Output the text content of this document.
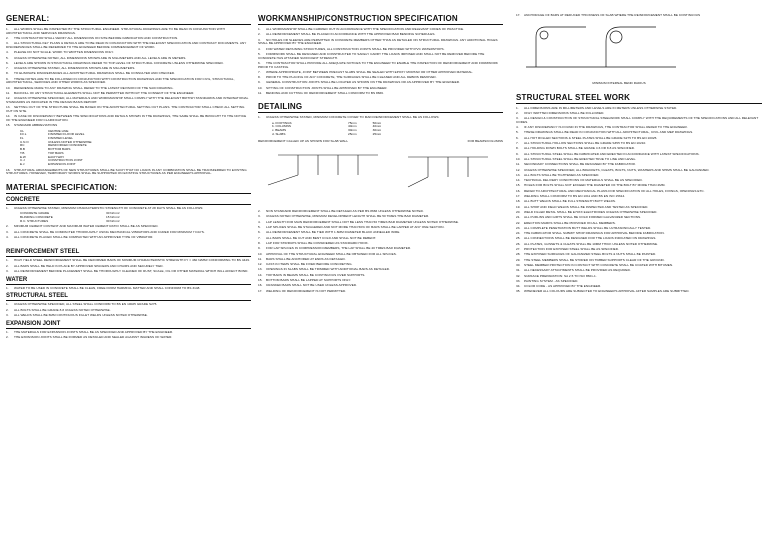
GENERAL:
1. ALL WORKS SHALL BE INSPECTED BY THE STRUCTURAL ENGINEER. STRUCTURAL DRAWINGS ARE TO BE READ IN CONJUNCTION WITH ARCHITECTURAL AND SERVICES DRAWINGS.
2. THE CONTRACTOR SHALL VERIFY ALL DIMENSIONS ON SITE BEFORE FABRICATION AND CONSTRUCTION.
3. ALL STRUCTURAL KEY PLANS & DETAILS ARE TO BE READ IN CONJUNCTION WITH THE RELEVANT SPECIFICATION AND CONTRACT DOCUMENTS. ANY DISCREPANCIES SHALL BE REFERRED TO THE ENGINEER BEFORE COMMENCEMENT OF WORK.
4. PLEASE DO NOT SCALE. WORK TO WRITTEN DIMENSIONS ONLY.
5. UNLESS OTHERWISE NOTED, ALL DIMENSIONS SHOWN ARE IN MILLIMETERS AND ALL LEVELS ARE IN METERS.
6. LEVELS ARE SHOWN IN STRUCTURAL DRAWINGS REFER TO TOP LEVEL OF STRUCTURAL CONCRETE UNLESS OTHERWISE SPECIFIED.
7. UNLESS OTHERWISE STATED, ALL DIMENSIONS SHOWN ARE IN MILLIMETERS.
8. TO ELIMINATE DISCREPANCIES ALL ARCHITECTURAL DRAWINGS SHALL BE CONSULTED AND CHECKED.
9. THESE NOTES ARE TO BE FOLLOWED IN CONJUNCTION WITH CONSTRUCTION DRAWINGS AND THE SPECIFICATION FOR CIVIL, STRUCTURAL, ARCHITECTURAL, SERVICES AND OTHER WORKS AS SPECIFIED.
10. REFERENCE MADE TO ANY DRAWING SHALL REFER TO THE LATEST REVISION OF THE SAID DRAWING.
11. BACKFILL OF ANY STRUCTURAL ELEMENTS SHALL NOT BE PERMITTED WITHOUT THE CONSENT OF THE ENGINEER.
12. UNLESS OTHERWISE SPECIFIED, ALL MATERIALS AND WORKMANSHIP SHALL COMPLY WITH THE RELEVANT BRITISH STANDARDS AND INTERNATIONAL STANDARDS AS INDICATED IN THE DESIGN BASIS REPORT.
13. SETTING OUT OF THE STRUCTURE SHALL BE BASED ON THE ARCHITECTURAL SETTING OUT PLANS. THE CONTRACTOR SHALL CHECK ALL SETTING OUT ON SITE.
14. IN CASE OF DISCREPANCY BETWEEN THE SPECIFICATIONS AND DETAILS SHOWN IN THE DRAWINGS, THE SAME SHALL BE BROUGHT TO THE NOTICE OF THE ENGINEER FOR CLARIFICATION.
15. STANDARD ABBREVIATIONS
CL	CENTRE LINE
F.F.L	FINISHED FLOOR LEVEL
FL	FINISHED LEVEL
U.N.O	UNLESS NOTED OTHERWISE
RC	REINFORCED CONCRETE
B.B	BOTTOM BARS
T.B	TOP BARS
E.W	EACH WAY
C.J	CONSTRUCTION JOINT
E.J	EXPANSION JOINT
16. STRUCTURAL ARRANGEMENTS OF NEW STRUCTURES SHALL BE SUCH THAT NO LOADS IN ANY COMBINATION SHALL BE TRANSFERRED TO EXISTING STRUCTURES. HOWEVER, TEMPORARY WORKS SHALL BE SUPPORTED ON EXISTING STRUCTURES AS PER ENGINEER'S APPROVAL.
MATERIAL SPECIFICATION:
CONCRETE
1. UNLESS OTHERWISE STATED, MINIMUM CHARACTERISTIC STRENGTH OF CONCRETE AT 28 DAYS SHALL BE AS FOLLOWS:
CONCRETE GRADE	30 N/mm²
BLINDING CONCRETE	15 N/mm²
R.C. STRUCTURES	30 N/mm²
2. MINIMUM CEMENT CONTENT AND MAXIMUM WATER CEMENT RATIO SHALL BE AS SPECIFIED.
3. ALL CONCRETE SHALL BE COMPACTED THOROUGHLY USING MECHANICAL VIBRATORS AND CURED FOR MINIMUM 7 DAYS.
4. ALL CONCRETE PLACED SHALL BE COMPACTED WITH AN APPROVED TYPE OF VIBRATOR.
REINFORCEMENT STEEL
1. HIGH YIELD STEEL REINFORCEMENT SHALL BE DEFORMED BARS OF MINIMUM CHARACTERISTIC STRENGTH FY = 460 N/MM² CONFORMING TO BS 4449.
2. ALL BARS SHALL BE HELD IN PLACE BY APPROVED SPACERS AND CHAIRS AND SECURELY TIED.
3. ALL REINFORCEMENT BEFORE PLACEMENT SHALL BE THOROUGHLY CLEANED OF RUST, SCALE, OIL OR OTHER MATERIAL WHICH WILL AFFECT BOND.
WATER
1. WATER TO BE USED IN CONCRETE SHALL BE CLEAN, FREE FROM HARMFUL MATTER AND SHALL CONFORM TO BS 3148.
STRUCTURAL STEEL
1. UNLESS OTHERWISE SPECIFIED, ALL STEEL SHALL CONFORM TO BS EN 10025 GRADE S275.
2. ALL BOLTS SHALL BE GRADE 8.8 UNLESS NOTED OTHERWISE.
3. ALL WELDS SHALL BE 6MM CONTINUOUS FILLET WELDS UNLESS NOTED OTHERWISE.
EXPANSION JOINT
1. THE MATERIALS FOR EXPANSION JOINTS SHALL BE AS SPECIFIED AND APPROVED BY THE ENGINEER.
2. THE EXPANSION JOINTS SHALL BE FORMED AS DETAILED AND SEALED AGAINST INGRESS OF WATER.
WORKMANSHIP/CONSTRUCTION SPECIFICATION
1. ALL WORKMANSHIP SHALL BE CARRIED OUT IN ACCORDANCE WITH THE SPECIFICATION AND RELEVANT CODES OF PRACTICE.
2. ALL REINFORCEMENT SHALL BE PLACED IN ACCORDANCE WITH THE APPROVED BAR BENDING SCHEDULES.
3. NO HOLES OR SLEEVES ARE PERMITTED IN CONCRETE MEMBERS OTHER THAN AS DETAILED ON STRUCTURAL DRAWINGS. ANY ADDITIONAL HOLES SHALL BE APPROVED BY THE ENGINEER.
4. FOR WATER RETAINING STRUCTURES, ALL CONSTRUCTION JOINTS SHALL BE PROVIDED WITH PVC WATERSTOPS.
5. FORMWORK SHALL BE DESIGNED AND CONSTRUCTED TO SAFELY CARRY THE LOADS IMPOSED AND SHALL NOT BE REMOVED BEFORE THE CONCRETE HAS ATTAINED SUFFICIENT STRENGTH.
6. THE CONTRACTOR SHALL PROVIDE ALL ADEQUATE NOTICES TO THE ENGINEER TO ENABLE THE INSPECTION OF REINFORCEMENT AND FORMWORK PRIOR TO CASTING.
7. WHERE APPROPRIATE, JOINT BETWEEN PRECAST SLABS SHALL BE SEALED WITH EPOXY MORTAR OR OTHER APPROVED MATERIAL.
8. PRIOR TO THE PLACING OF ANY CONCRETE, THE SURFACES SHALL BE CLEANED AND ALL DEBRIS REMOVED.
9. GENERAL CONSTRUCTION JOINTS SHALL BE LOCATED AS SHOWN ON THE DRAWINGS OR AS APPROVED BY THE ENGINEER.
10. SITTING OF CONSTRUCTION JOINTS SHALL BE APPROVED BY THE ENGINEER.
11. BENDING AND CUTTING OF REINFORCEMENT SHALL CONFORM TO BS 8666.
DETAILING
1. UNLESS OTHERWISE STATED, MINIMUM CONCRETE COVER TO MAIN REINFORCEMENT SHALL BE AS FOLLOWS:
a. FOOTINGS	75mm	50mm
b. COLUMNS	40mm	40mm
c. BEAMS	30mm	30mm
d. SLABS	25mm	25mm
REINFORCEMENT CALLED UP AS SHOWN FOR SLAB WALL	FOR BEAMS/COLUMNS
2. NON STANDARD REINFORCEMENT SHALL BE DETAILED AS PER BS 8666 UNLESS OTHERWISE NOTED.
3. UNLESS NOTED OTHERWISE, MINIMUM DEVELOPMENT LENGTH SHALL BE 50 TIMES THE BAR DIAMETER.
4. LAP LENGTH FOR MAIN REINFORCEMENT SHALL NOT BE LESS THAN 50 TIMES BAR DIAMETER UNLESS NOTED OTHERWISE.
5. LAP SPLICES SHALL BE STAGGERED AND NOT MORE THAN 50% OF BARS SHALL BE LAPPED AT ANY ONE SECTION.
6. ALL REINFORCEMENT SHALL BE TIED WITH 1.6MM DIAMETER BLACK ANNEALED WIRE.
7. ALL BARS SHALL BE CUT AND BENT COLD AND SHALL NOT BE REBENT.
8. LAP FOR STIRRUPS SHALL BE CONSIDERED AS STANDARD HOOK.
9. FOR LAP SPLICES IN COMPRESSION MEMBERS, THE LAP SHALL BE 40 TIMES BAR DIAMETER.
10. APPROVAL OF THE STRUCTURAL ENGINEER SHALL BE OBTAINED FOR ALL SPLICES.
11. BARS SHALL BE ANCHORED AT ENDS AS DETAILED.
12. CAST-IN ITEMS SHALL BE FIXED BEFORE CONCRETING.
13. OPENINGS IN SLABS SHALL BE TRIMMED WITH ADDITIONAL BARS AS DETAILED.
14. TOP BARS IN BEAMS SHALL BE CONTINUOUS OVER SUPPORTS.
15. BOTTOM BARS SHALL BE LAPPED AT SUPPORTS ONLY.
16. CRANKED BARS SHALL NOT BE USED UNLESS APPROVED.
17. WELDING OF REINFORCEMENT IS NOT PERMITTED.
17. ANCHORAGE OF BARS AT REDUCED THICKNESS OF SLAB WHERE THE REINFORCEMENT SHALL BE CONTINUOUS
MINIMUM INTERNAL BEND RADIUS
STRUCTURAL STEEL WORK
1. ALL DIMENSIONS ARE IN MILLIMETERS AND LEVELS ARE IN METERS UNLESS OTHERWISE STATED.
2. ONLY WRITTEN DIMENSIONS SHALL BE FOLLOWED.
3. ALL DESIGN & CONSTRUCTION OF STRUCTURAL STEELWORK SHALL COMPLY WITH THE REQUIREMENTS OF THE SPECIFICATIONS AND ALL RELEVANT CODES.
4. IF ANY DISCREPANCY IS FOUND IN THE DRAWINGS, THE CONTRACTOR SHALL REFER TO THE ENGINEER.
5. THESE DRAWINGS SHALL BE READ IN CONJUNCTION WITH ALL ARCHITECTURAL, CIVIL AND MEP DRAWINGS.
6. ALL HOT ROLLED SECTIONS & STEEL PLATES SHALL BE GRADE S275 TO BS EN 10025.
7. ALL STRUCTURAL HOLLOW SECTIONS SHALL BE GRADE S355 TO BS EN 10210.
8. ALL HOLDING DOWN BOLTS SHALL BE GRADE 4.6 OR 8.8 AS SPECIFIED.
9. ALL STRUCTURAL STEEL SHALL BE FABRICATED AND ERECTED IN ACCORDANCE WITH LATEST SPECIFICATIONS.
10. ALL STRUCTURAL STEEL SHALL BE ERECTED TRUE TO LINE AND LEVEL.
11. SECONDARY CONNECTIONS SHALL BE DESIGNED BY THE FABRICATOR.
12. UNLESS OTHERWISE SPECIFIED, ALL BRACKETS, CLEATS, BOLTS, NUTS, WASHERS AND SHIMS SHALL BE GALVANIZED.
13. ALL BOLTS SHALL BE TIGHTENED AS SPECIFIED.
14. TECHNICAL DELIVERY CONDITIONS OF MATERIALS SHALL BE AS SPECIFIED.
15. HOLES FOR BOLTS SHALL NOT EXCEED THE DIAMETER OF THE BOLT BY MORE THAN 2MM.
16. REFER TO ARCHITECTURAL AND MECHANICAL PLANS FOR SPECIFICATION OF ALL HOLES, FIXINGS, OPENINGS ETC.
17. WELDING SHALL CONFORM TO BS EN 1011 AND BS EN ISO 15614.
18. ALL BUTT WELDS SHALL BE FULL STRENGTH BUTT WELDS.
19. ALL SHOP AND FIELD WELDS SHALL BE INSPECTED AND TESTED AS SPECIFIED.
20. WELD FILLER METAL SHALL BE E70XX ELECTRODES UNLESS OTHERWISE SPECIFIED.
21. ALL PURLINS AND GIRTS SHALL BE COLD FORMED GALVANIZED SECTIONS.
22. ERECTION MARKS SHALL BE PROVIDED ON ALL MEMBERS.
23. ALL COMPLETE PENETRATION BUTT WELDS SHALL BE ULTRASONICALLY TESTED.
24. THE FABRICATOR SHALL SUBMIT SHOP DRAWINGS FOR APPROVAL BEFORE FABRICATION.
25. ALL CONNECTIONS SHALL BE DESIGNED FOR THE LOADS INDICATED ON DRAWINGS.
26. ALL PLATES, GUSSETS & CLEATS SHALL BE 10MM THICK UNLESS NOTED OTHERWISE.
27. PROTECTION FOR EXPOSED STEEL SHALL BE AS SPECIFIED.
28. THE EXPOSED SURFACES OF GALVANIZED STEEL BOLTS & NUTS SHALL BE PAINTED.
29. THE STEEL MEMBERS SHALL BE STORED ON TIMBER SUPPORTS CLEAR OF THE GROUND.
30. STEEL MEMBER PROTECTION IN CONTACT WITH CONCRETE SHALL BE COATED WITH BITUMEN.
31. ALL NECESSARY ATTACHMENTS SHALL BE PROVIDED AS REQUIRED.
32. SURFACE PREPARATION: SA 2.5 TO ISO 8501-1.
33. PAINTING SYSTEM - AS SPECIFIED.
34. COLOR CODE - AS APPROVED BY THE ENGINEER.
35. WHENEVER ALL COLOURS ARE SUBJECTED TO ENGINEER'S APPROVAL AFTER SAMPLES ARE SUBMITTED.
